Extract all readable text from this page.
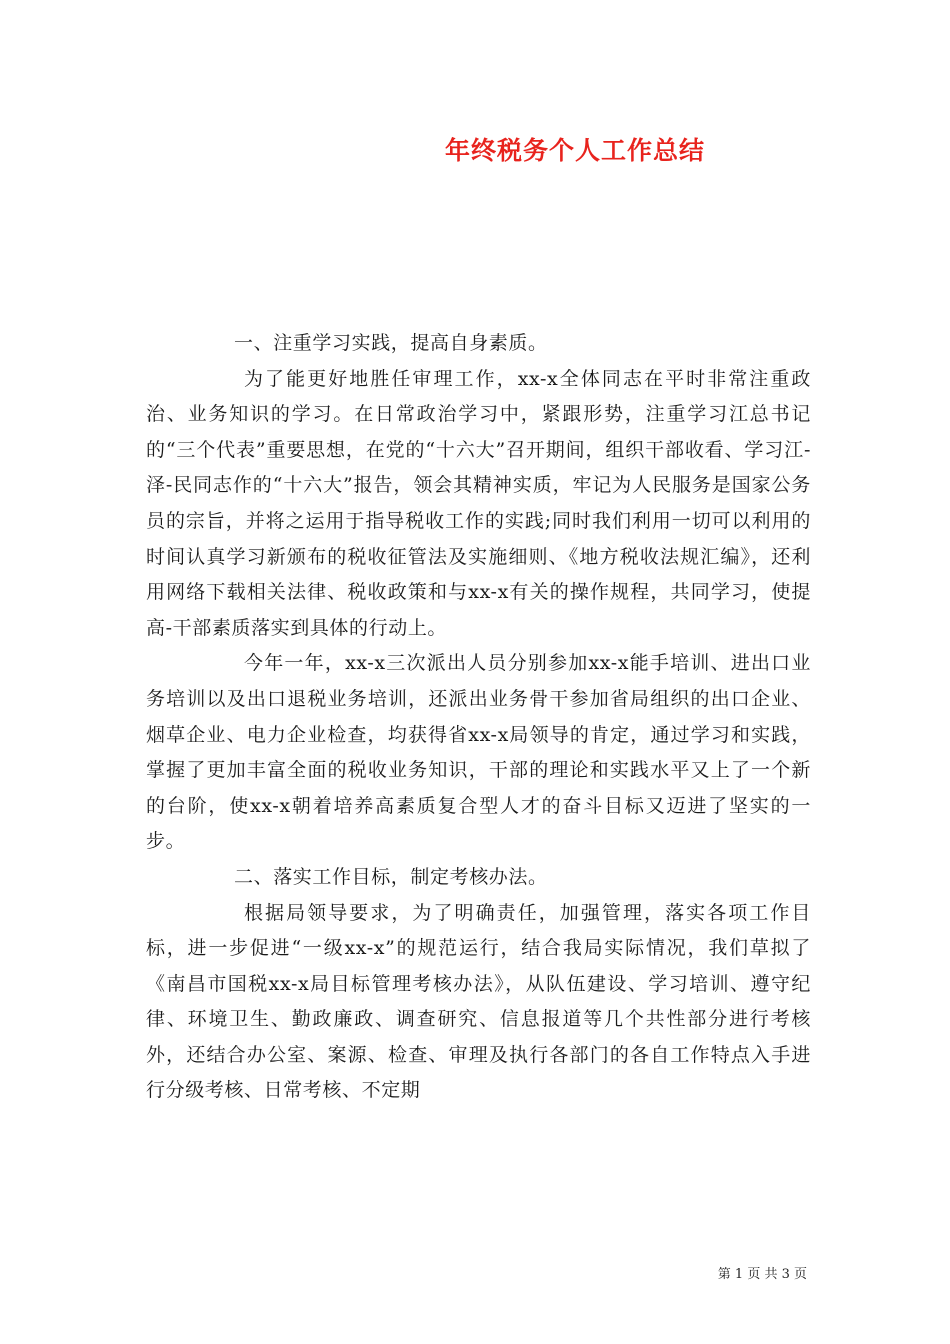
年终税务个人工作总结

一、注重学习实践，提高自身素质。

为了能更好地胜任审理工作，xx-x全体同志在平时非常注重政治、业务知识的学习。在日常政治学习中，紧跟形势，注重学习江总书记的“三个代表”重要思想，在党的“十六大”召开期间，组织干部收看、学习江-泽-民同志作的“十六大”报告，领会其精神实质，牢记为人民服务是国家公务员的宗旨，并将之运用于指导税收工作的实践;同时我们利用一切可以利用的时间认真学习新颁布的税收征管法及实施细则、《地方税收法规汇编》，还利用网络下载相关法律、税收政策和与xx-x有关的操作规程，共同学习，使提高-干部素质落实到具体的行动上。

今年一年，xx-x三次派出人员分别参加xx-x能手培训、进出口业务培训以及出口退税业务培训，还派出业务骨干参加省局组织的出口企业、烟草企业、电力企业检查，均获得省xx-x局领导的肯定，通过学习和实践，掌握了更加丰富全面的税收业务知识，干部的理论和实践水平又上了一个新的台阶，使xx-x朝着培养高素质复合型人才的奋斗目标又迈进了坚实的一步。

二、落实工作目标，制定考核办法。

根据局领导要求，为了明确责任，加强管理，落实各项工作目标，进一步促进“一级xx-x”的规范运行，结合我局实际情况，我们草拟了《南昌市国税xx-x局目标管理考核办法》，从队伍建设、学习培训、遵守纪律、环境卫生、勤政廉政、调查研究、信息报道等几个共性部分进行考核外，还结合办公室、案源、检查、审理及执行各部门的各自工作特点入手进行分级考核、日常考核、不定期

第 1 页 共 3 页
